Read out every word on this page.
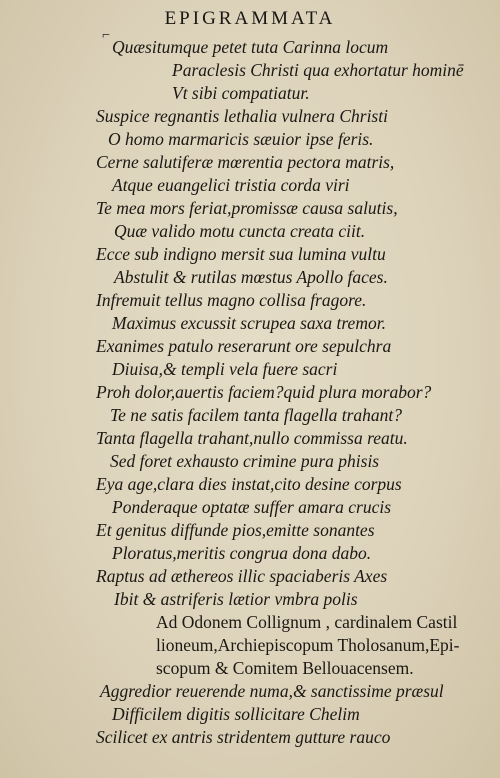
EPIGRAMMATA
⌐
Quæsitumque petet tuta Carinna locum
Paraclesis Christi qua exhortatur hominē
Vt sibi compatiatur.
Suspice regnantis lethalia vulnera Christi
O homo marmaricis sæuior ipse feris.
Cerne salutiferæ mœrentia pectora matris,
Atque euangelici tristia corda viri
Te mea mors feriat,promissæ causa salutis,
Quæ valido motu cuncta creata ciit.
Ecce sub indigno mersit sua lumina vultu
Abstulit & rutilas mœstus Apollo faces.
Infremuit tellus magno collisa fragore.
Maximus excussit scrupea saxa tremor.
Exanimes patulo reserarunt ore sepulchra
Diuisa,& templi vela fuere sacri
Proh dolor,auertis faciem?quid plura morabor?
Te ne satis facilem tanta flagella trahant?
Tanta flagella trahant,nullo commissa reatu.
Sed foret exhausto crimine pura phisis
Eya age,clara dies instat,cito desine corpus
Ponderaque optatæ suffer amara crucis
Et genitus diffunde pios,emitte sonantes
Ploratus,meritis congrua dona dabo.
Raptus ad æthereos illic spaciaberis Axes
Ibit & astriferis lætior vmbra polis
Ad Odonem Collignum , cardinalem Castil
lioneum,Archiepiscopum Tholosanum,Epi-
scopum & Comitem Bellouacensem.
Aggredior reuerende numa,& sanctissime præsul
Difficilem digitis sollicitare Chelim
Scilicet ex antris stridentem gutture rauco
